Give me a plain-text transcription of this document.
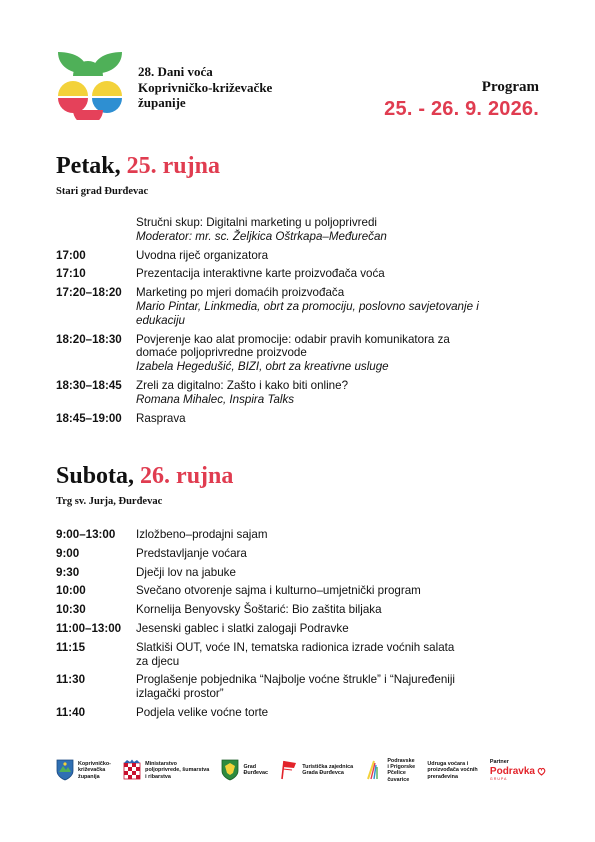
28. Dani voća
Koprivničko-križevačke
županije
Program
25. - 26. 9. 2026.
Petak, 25. rujna
Stari grad Đurđevac
Stručni skup: Digitalni marketing u poljoprivredi
Moderator: mr. sc. Željkica Oštrkapa–Međurečan
17:00	Uvodna riječ organizatora
17:10	Prezentacija interaktivne karte proizvođača voća
17:20–18:20	Marketing po mjeri domaćih proizvođača
Mario Pintar, Linkmedia, obrt za promociju, poslovno savjetovanje i
edukaciju
18:20–18:30	Povjerenje kao alat promocije: odabir pravih komunikatora za
domaće poljoprivredne proizvode
Izabela Hegedušić, BIZI, obrt za kreativne usluge
18:30–18:45	Zreli za digitalno: Zašto i kako biti online?
Romana Mihalec, Inspira Talks
18:45–19:00	Rasprava
Subota, 26. rujna
Trg sv. Jurja, Đurđevac
9:00–13:00	Izložbeno–prodajni sajam
9:00	Predstavljanje voćara
9:30	Dječji lov na jabuke
10:00	Svečano otvorenje sajma i kulturno–umjetnički program
10:30	Kornelija Benyovsky Šoštarić: Bio zaštita bilјaka
11:00–13:00	Jesenski gablec i slatki zalogaji Podravke
11:15	Slatkiši OUT, voće IN, tematska radionica izrade voćnih salata
za djecu
11:30	Proglašenje pobjednika “Najbolje voćne štrukle” i “Najuređeniji
izlagački prostor”
11:40	Podjela velike voćne torte
Koprivničko-
križevačka
županija
Ministarstvo
poljoprivrede, šumarstva
i ribarstva
Grad
Đurđevac
Turistička zajednica
Grada Đurđevca
Podravske
i Prigorske
Pčelice
čuvarice
Udruga voćara i
proizvođača voćnih
prerađevina
Partner
Podravka
GRUPA
